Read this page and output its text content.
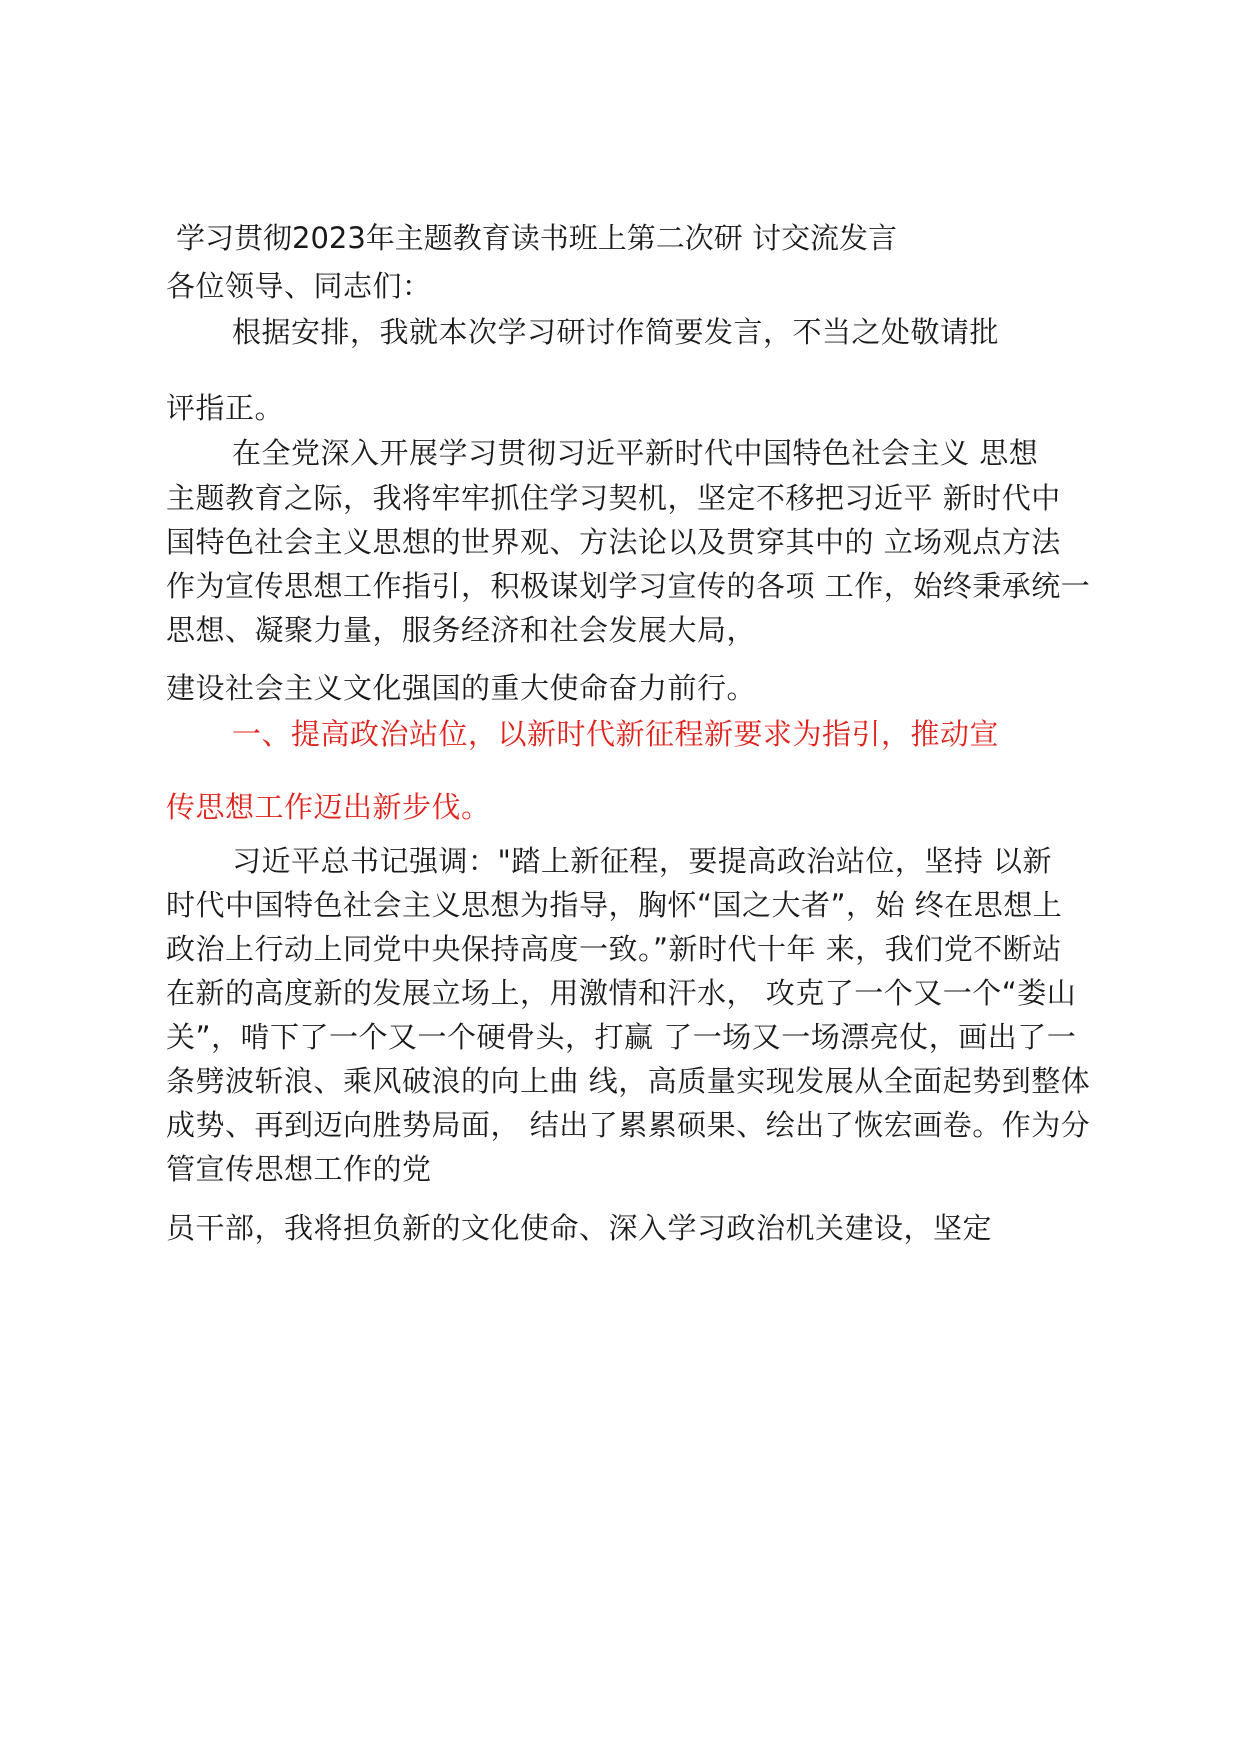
学习贯彻2023年主题教育读书班上第二次研 讨交流发言
各位领导、同志们：
根据安排，我就本次学习研讨作简要发言，不当之处敬请批
评指正。
在全党深入开展学习贯彻习近平新时代中国特色社会主义 思想
主题教育之际，我将牢牢抓住学习契机，坚定不移把习近平 新时代中
国特色社会主义思想的世界观、方法论以及贯穿其中的 立场观点方法
作为宣传思想工作指引，积极谋划学习宣传的各项 工作，始终秉承统一
思想、凝聚力量，服务经济和社会发展大局，
建设社会主义文化强国的重大使命奋力前行。
一、提高政治站位，以新时代新征程新要求为指引，推动宣
传思想工作迈出新步伐。
习近平总书记强调："踏上新征程，要提高政治站位，坚持 以新
时代中国特色社会主义思想为指导，胸怀“国之大者”，始 终在思想上
政治上行动上同党中央保持高度一致。”新时代十年 来，我们党不断站
在新的高度新的发展立场上，用激情和汗水， 攻克了一个又一个“娄山
关”，啃下了一个又一个硬骨头，打赢 了一场又一场漂亮仗，画出了一
条劈波斩浪、乘风破浪的向上曲 线，高质量实现发展从全面起势到整体
成势、再到迈向胜势局面， 结出了累累硕果、绘出了恢宏画卷。作为分
管宣传思想工作的党
员干部，我将担负新的文化使命、深入学习政治机关建设，坚定
